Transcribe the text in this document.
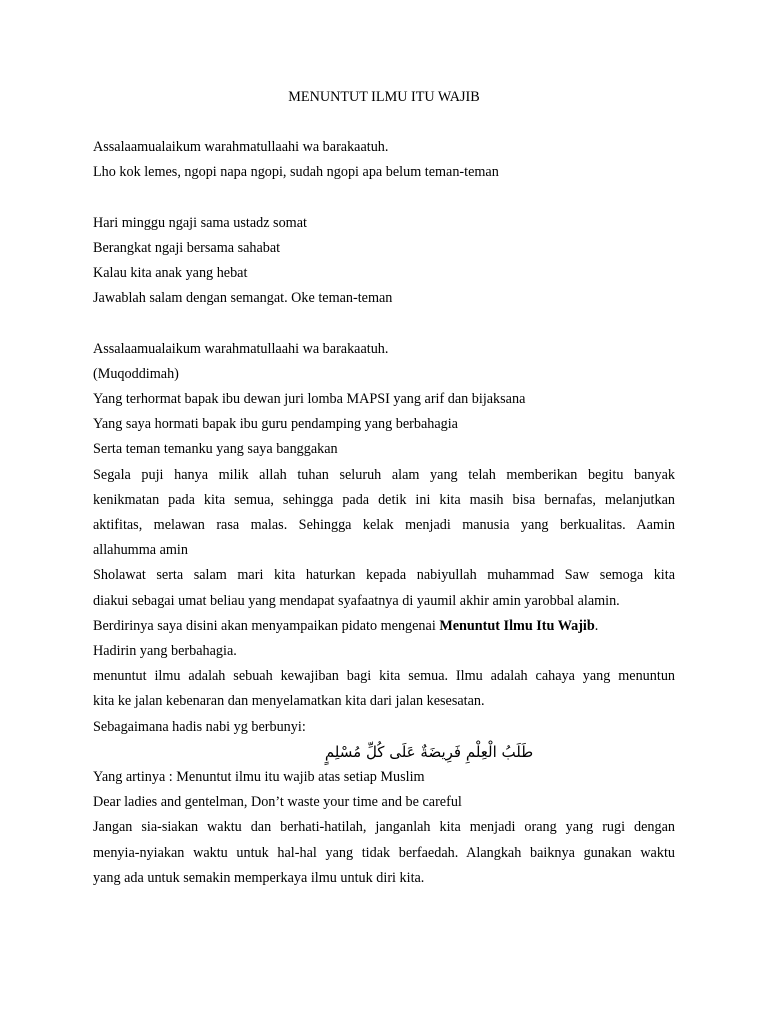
MENUNTUT ILMU ITU WAJIB
Assalaamualaikum warahmatullaahi wa barakaatuh.
Lho kok lemes, ngopi napa ngopi, sudah ngopi apa belum teman-teman
Hari minggu ngaji sama ustadz somat
Berangkat ngaji bersama sahabat
Kalau kita anak yang hebat
Jawablah salam dengan semangat. Oke teman-teman
Assalaamualaikum warahmatullaahi wa barakaatuh.
(Muqoddimah)
Yang terhormat bapak ibu dewan juri lomba MAPSI yang arif dan bijaksana
Yang saya hormati bapak ibu guru pendamping yang berbahagia
Serta teman temanku yang saya banggakan
Segala puji hanya milik allah tuhan seluruh alam yang telah memberikan begitu banyak
kenikmatan pada kita semua, sehingga pada detik ini kita masih bisa bernafas, melanjutkan
aktifitas, melawan rasa malas. Sehingga kelak menjadi manusia yang berkualitas. Aamin
allahumma amin
Sholawat serta salam mari kita haturkan kepada nabiyullah muhammad Saw semoga kita
diakui sebagai umat beliau yang mendapat syafaatnya di yaumil akhir amin yarobbal alamin.
Berdirinya saya disini akan menyampaikan pidato mengenai Menuntut Ilmu Itu Wajib.
Hadirin yang berbahagia.
menuntut ilmu adalah sebuah kewajiban bagi kita semua. Ilmu adalah cahaya yang menuntun
kita ke jalan kebenaran dan menyelamatkan kita dari jalan kesesatan.
Sebagaimana hadis nabi yg berbunyi:
طَلَبُ الْعِلْمِ فَرِيضَةٌ عَلَى كُلِّ مُسْلِمٍ
Yang artinya : Menuntut ilmu itu wajib atas setiap Muslim
Dear ladies and gentelman, Don’t waste your time and be careful
Jangan sia-siakan waktu dan berhati-hatilah, janganlah kita menjadi orang yang rugi dengan
menyia-nyiakan waktu untuk hal-hal yang tidak berfaedah. Alangkah baiknya gunakan waktu
yang ada untuk semakin memperkaya ilmu untuk diri kita.
